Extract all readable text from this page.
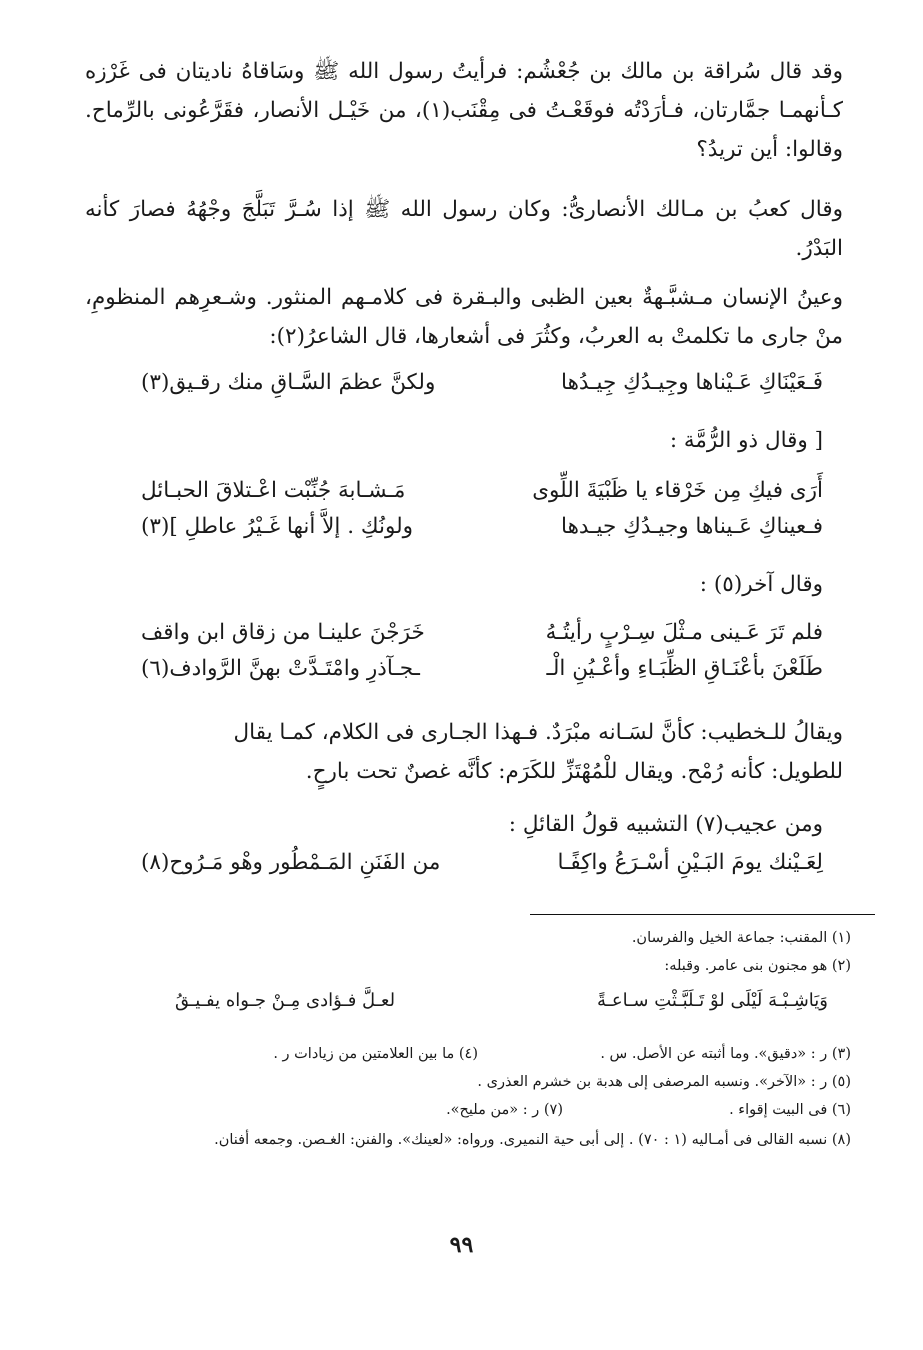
وقد قال سُراقة بن مالك بن جُعْشُم: فرأيتُ رسول الله ﷺ وسَاقاهُ ناديتان فى غَرْزه كـأنهمـا جمَّارتان، فـأرَدْتُه فوقَعْـتُ فى مِقْنَب(١)، من خَيْـل الأنصار، فقَرَّعُونى بالرِّماح. وقالوا: أين تريدُ؟
وقال كعبُ بن مـالك الأنصارىُّ: وكان رسول الله ﷺ إذا سُـرَّ تَبَلَّجَ وجْهُهُ فصارَ كأنه البَدْرُ.
وعينُ الإنسان مـشبَّـهةٌ بعين الظبى والبـقرة فى كلامـهم المنثور. وشـعرِهم المنظومِ، منْ جارى ما تكلمتْ به العربُ، وكثُرَ فى أشعارها، قال الشاعرُ(٢):
فَـعَيْنَاكِ عَـيْناها وجِيـدُكِ جِيـدُها
ولكنَّ عظمَ السَّـاقِ منك رقـيق(٣)
[ وقال ذو الرُّمَّة :
أَرَى فيكِ مِن خَرْقاء يا ظَبْيَةَ اللِّوى
مَـشـابهَ جُنِّبْت اعْـتلاقَ الحبـائل
فـعيناكِ عَـيناها وجيـدُكِ جيـدها
ولونُكِ . إلاَّ أنها غَـيْرُ عاطلِ ](٣)
وقال آخر(٥) :
فلم تَرَ عَـينى مـثْلَ سِـرْبٍ رأيتُـهُ
خَرَجْنَ علينـا من زقاق ابن واقف
طَلَعْنَ بأعْنَـاقِ الظِّبَـاءِ وأعْـيُنِ الْـ
ـجـآذرِ وامْتَـدَّتْ بهنَّ الرَّوادف(٦)
ويقالُ للـخطيب: كأنَّ لسَـانه مبْرَدٌ. فـهذا الجـارى فى الكلام، كمـا يقال
للطويل: كأنه رُمْح. ويقال للْمُهْتَزِّ للكَرَم: كأنَّه غصنٌ تحت بارحٍ.
ومن عجيب(٧) التشبيه قولُ القائلِ :
لِعَـيْنك يومَ البَـيْنِ أسْـرَعُ واكِفًـا
من الفَنَنِ المَـمْطُور وهْو مَـرُوح(٨)
(١) المقنب: جماعة الخيل والفرسان.
(٢) هو مجنون بنى عامر. وقبله:
وَيَاشِـبْـهَ لَيْلَى لوْ تَـلَبَّـثْتِ سـاعـةً
لعـلَّ فـؤادى مِـنْ جـواه يفـيـقُ
(٣) ر : «دقيق». وما أثبته عن الأصل. س .
(٤) ما بين العلامتين من زيادات ر .
(٥) ر : «الآخر». ونسبه المرصفى إلى هدبة بن خشرم العذرى .
(٦) فى البيت إقواء .
(٧) ر : «من مليح».
(٨) نسبه القالى فى أمـاليه (١ : ٧٠) . إلى أبى حية النميرى. ورواه: «لعينك». والفنن: الغـصن. وجمعه أفنان.
٩٩
